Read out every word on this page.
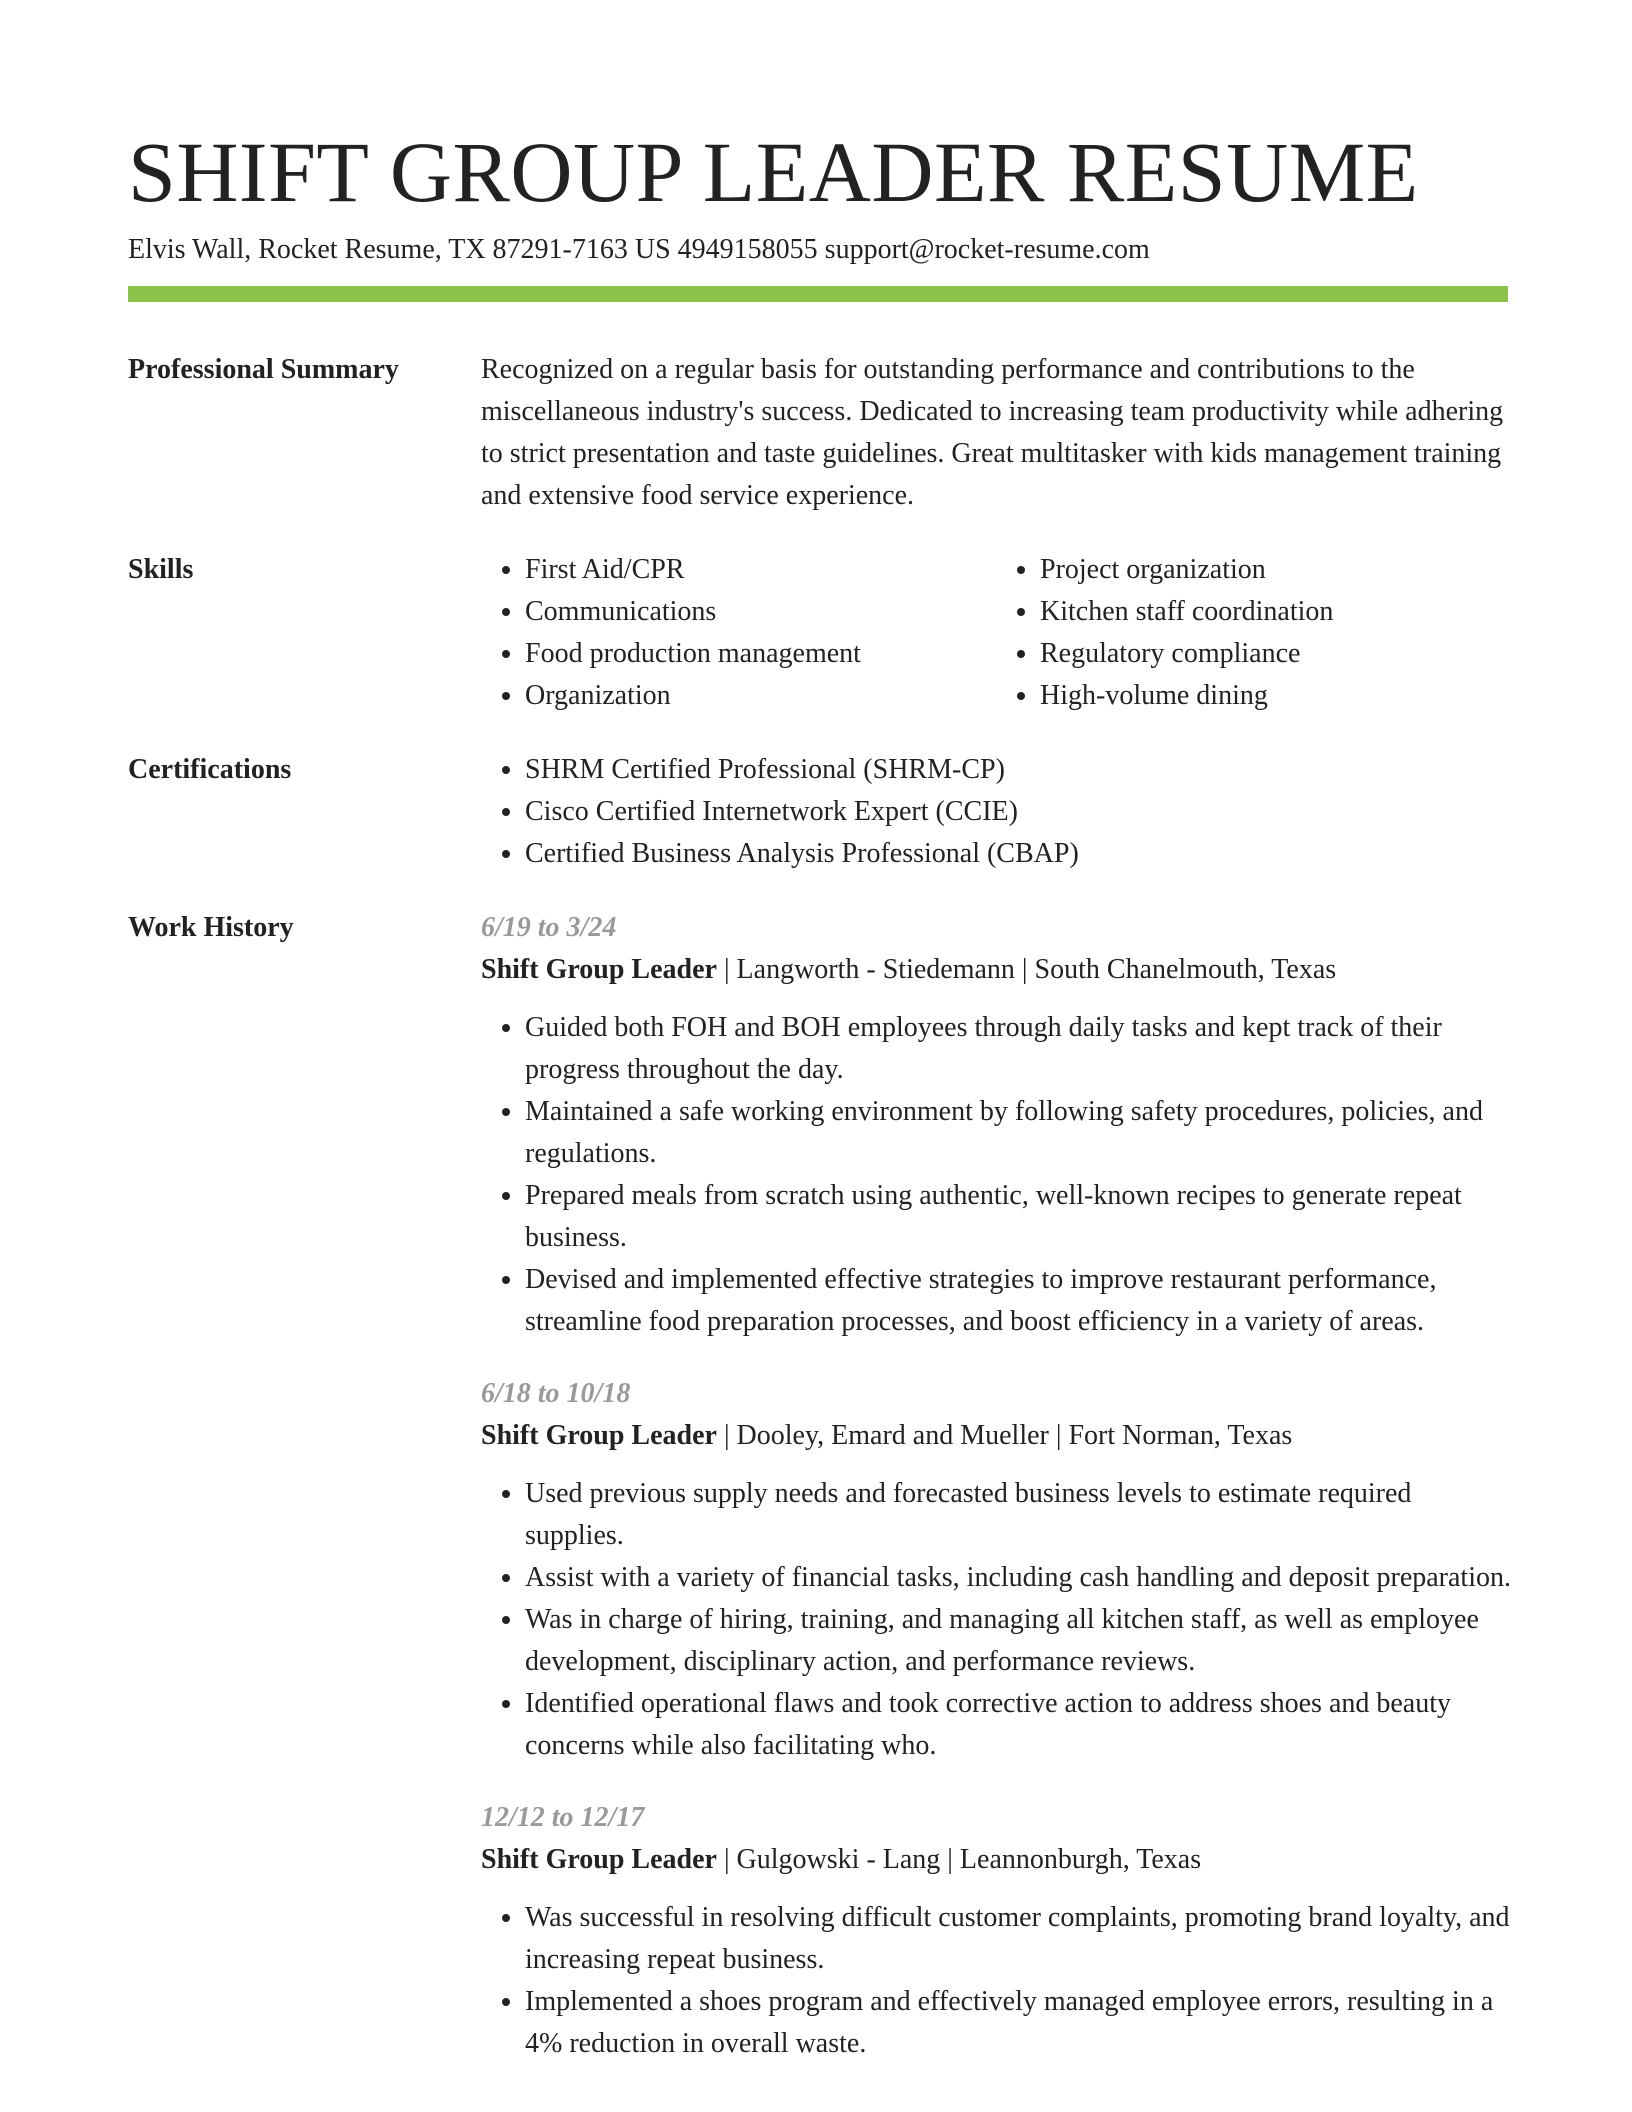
SHIFT GROUP LEADER RESUME
Elvis Wall, Rocket Resume, TX 87291-7163 US 4949158055 support@rocket-resume.com
Professional Summary	Recognized on a regular basis for outstanding performance and contributions to the miscellaneous industry's success. Dedicated to increasing team productivity while adhering to strict presentation and taste guidelines. Great multitasker with kids management training and extensive food service experience.

Skills	• First Aid/CPR
• Communications
• Food production management
• Organization
• Project organization
• Kitchen staff coordination
• Regulatory compliance
• High-volume dining
Certifications	• SHRM Certified Professional (SHRM-CP)
• Cisco Certified Internetwork Expert (CCIE)
• Certified Business Analysis Professional (CBAP)
Work History	6/19 to 3/24
Shift Group Leader | Langworth - Stiedemann | South Chanelmouth, Texas
• Guided both FOH and BOH employees through daily tasks and kept track of their progress throughout the day.
• Maintained a safe working environment by following safety procedures, policies, and regulations.
• Prepared meals from scratch using authentic, well-known recipes to generate repeat business.
• Devised and implemented effective strategies to improve restaurant performance, streamline food preparation processes, and boost efficiency in a variety of areas.
6/18 to 10/18
Shift Group Leader | Dooley, Emard and Mueller | Fort Norman, Texas
• Used previous supply needs and forecasted business levels to estimate required supplies.
• Assist with a variety of financial tasks, including cash handling and deposit preparation.
• Was in charge of hiring, training, and managing all kitchen staff, as well as employee development, disciplinary action, and performance reviews.
• Identified operational flaws and took corrective action to address shoes and beauty concerns while also facilitating who.
12/12 to 12/17
Shift Group Leader | Gulgowski - Lang | Leannonburgh, Texas
• Was successful in resolving difficult customer complaints, promoting brand loyalty, and increasing repeat business.
• Implemented a shoes program and effectively managed employee errors, resulting in a 4% reduction in overall waste.
